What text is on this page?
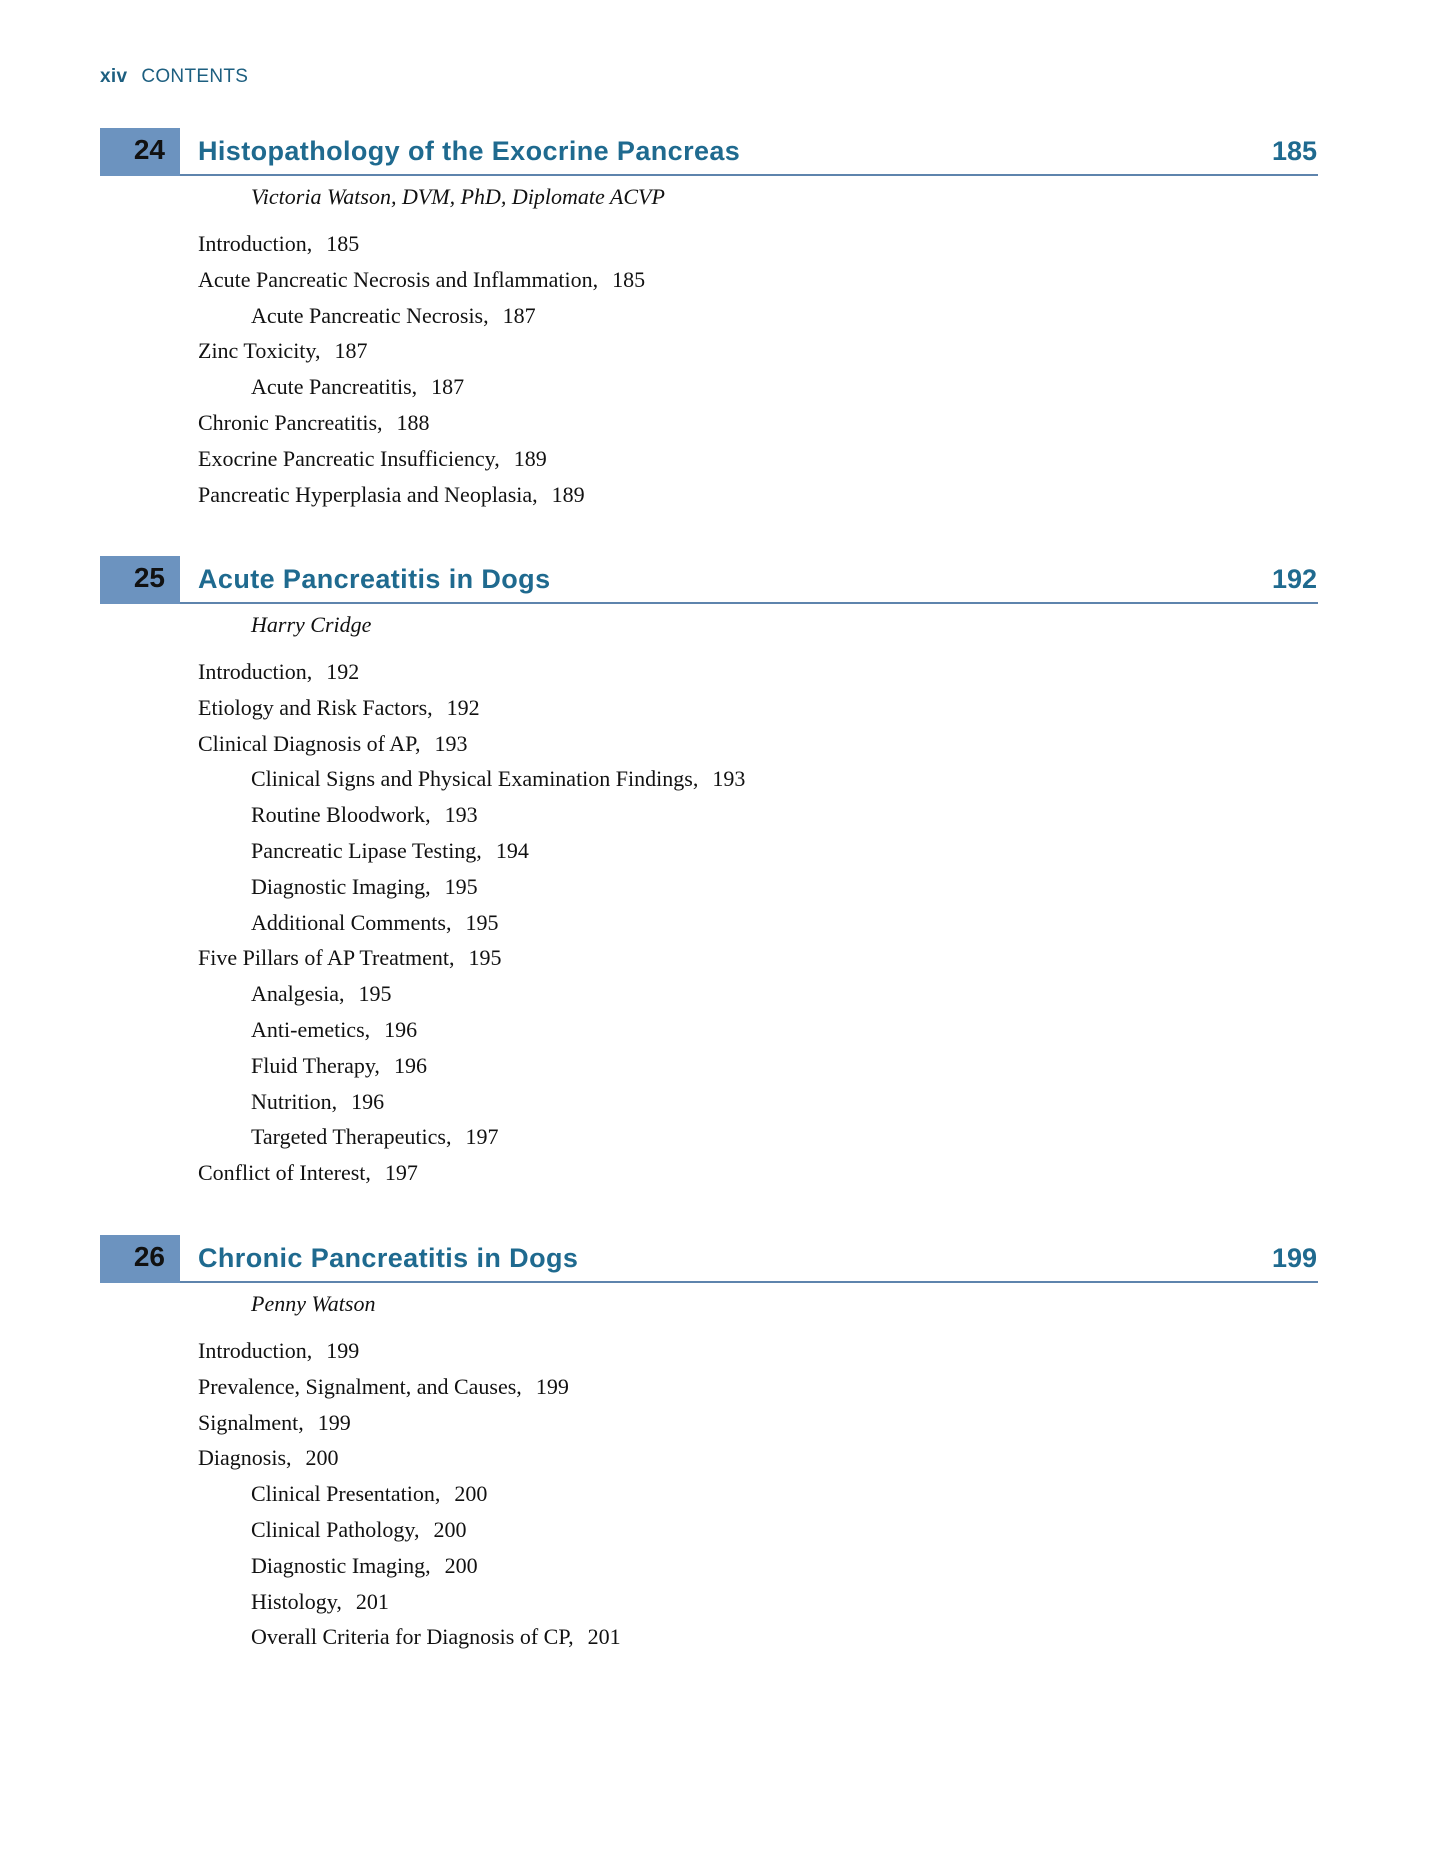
xiv CONTENTS
24 Histopathology of the Exocrine Pancreas	185
Victoria Watson, DVM, PhD, Diplomate ACVP
Introduction, 185
Acute Pancreatic Necrosis and Inflammation, 185
Acute Pancreatic Necrosis, 187
Zinc Toxicity, 187
Acute Pancreatitis, 187
Chronic Pancreatitis, 188
Exocrine Pancreatic Insufficiency, 189
Pancreatic Hyperplasia and Neoplasia, 189
25 Acute Pancreatitis in Dogs	192
Harry Cridge
Introduction, 192
Etiology and Risk Factors, 192
Clinical Diagnosis of AP, 193
Clinical Signs and Physical Examination Findings, 193
Routine Bloodwork, 193
Pancreatic Lipase Testing, 194
Diagnostic Imaging, 195
Additional Comments, 195
Five Pillars of AP Treatment, 195
Analgesia, 195
Anti-emetics, 196
Fluid Therapy, 196
Nutrition, 196
Targeted Therapeutics, 197
Conflict of Interest, 197
26 Chronic Pancreatitis in Dogs	199
Penny Watson
Introduction, 199
Prevalence, Signalment, and Causes, 199
Signalment, 199
Diagnosis, 200
Clinical Presentation, 200
Clinical Pathology, 200
Diagnostic Imaging, 200
Histology, 201
Overall Criteria for Diagnosis of CP, 201
